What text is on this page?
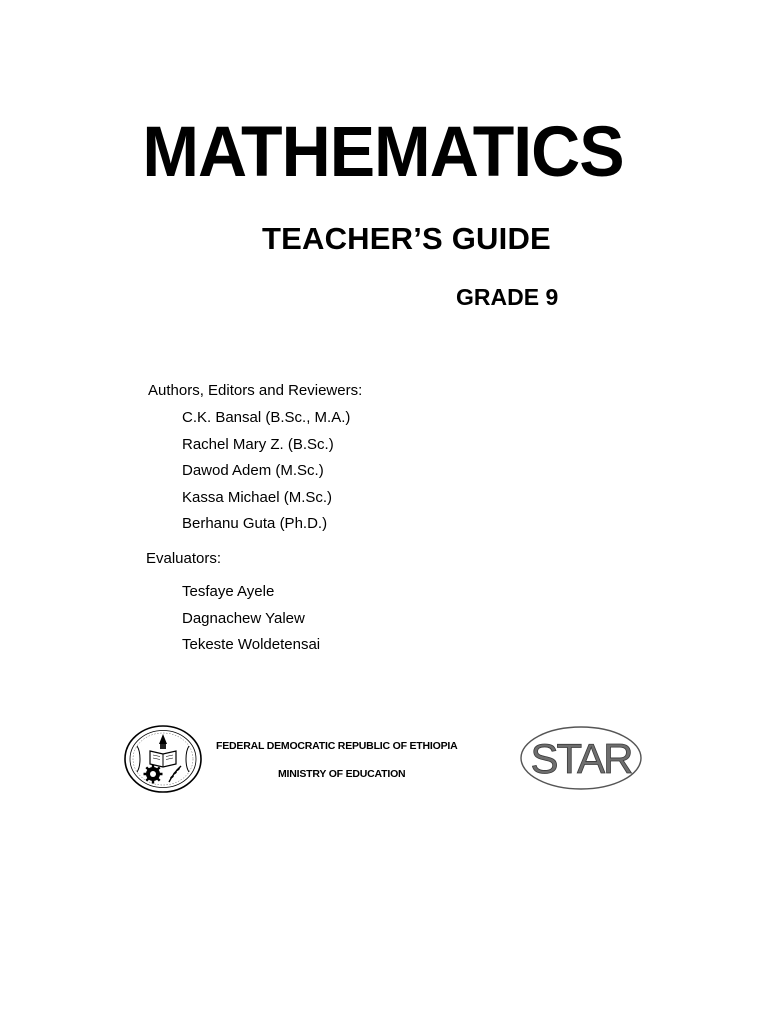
MATHEMATICS
TEACHER’S GUIDE
GRADE 9
Authors, Editors and Reviewers:
C.K. Bansal (B.Sc., M.A.)
Rachel Mary Z. (B.Sc.)
Dawod Adem (M.Sc.)
Kassa Michael (M.Sc.)
Berhanu Guta (Ph.D.)
Evaluators:
Tesfaye Ayele
Dagnachew Yalew
Tekeste Woldetensai
FEDERAL DEMOCRATIC REPUBLIC OF ETHIOPIA
MINISTRY OF EDUCATION	STAR
